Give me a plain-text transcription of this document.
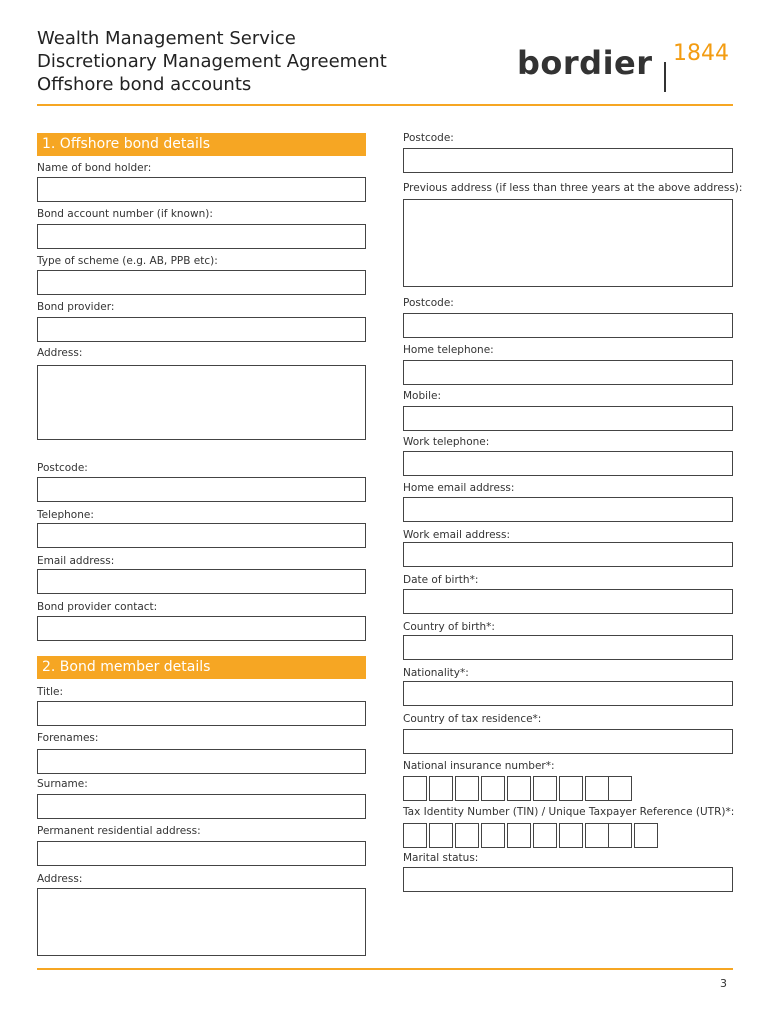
Wealth Management Service
Discretionary Management Agreement
Offshore bond accounts
bordier 1844
1. Offshore bond details
Name of bond holder:
Bond account number (if known):
Type of scheme (e.g. AB, PPB etc):
Bond provider:
Address:
Postcode:
Telephone:
Email address:
Bond provider contact:
2. Bond member details
Title:
Forenames:
Surname:
Permanent residential address:
Address:
Postcode:
Previous address (if less than three years at the above address):
Postcode:
Home telephone:
Mobile:
Work telephone:
Home email address:
Work email address:
Date of birth*:
Country of birth*:
Nationality*:
Country of tax residence*:
National insurance number*:
Tax Identity Number (TIN) / Unique Taxpayer Reference (UTR)*:
Marital status:
3
